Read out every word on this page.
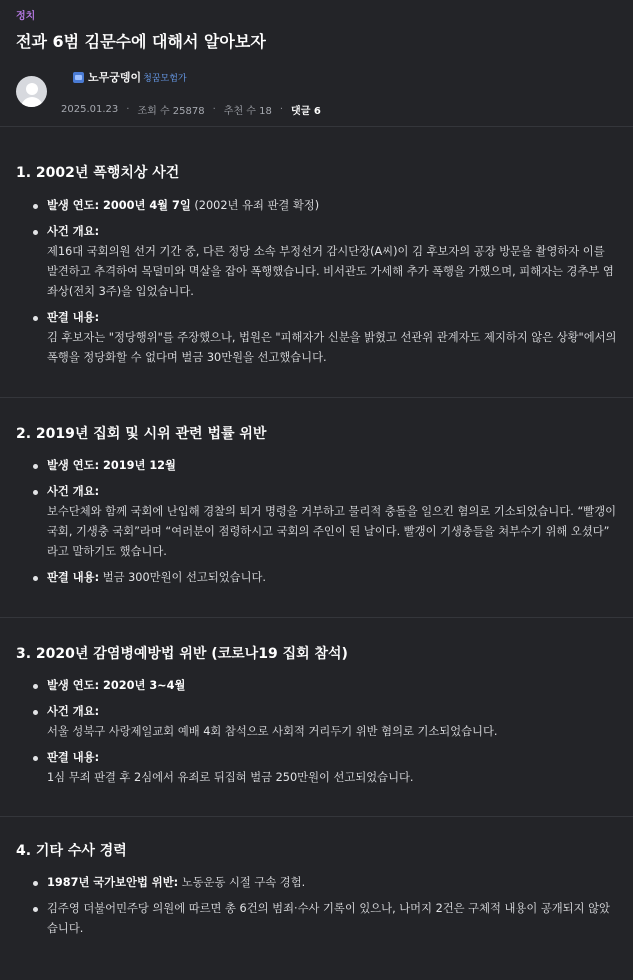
정치
전과 6범 김문수에 대해서 알아보자
노무궁뎅이 청꿈모험가
2025.01.23 · 조회 수 25878 · 추천 수 18 · 댓글 6
1. 2002년 폭행치상 사건
발생 연도: 2000년 4월 7일 (2002년 유죄 판결 확정)
사건 개요:
제16대 국회의원 선거 기간 중, 다른 정당 소속 부정선거 감시단장(A씨)이 김 후보자의 공장 방문을 촬영하자 이를 발견하고 추격하여 목덜미와 멱살을 잡아 폭행했습니다. 비서관도 가세해 추가 폭행을 가했으며, 피해자는 경추부 염좌상(전치 3주)을 입었습니다.
판결 내용:
김 후보자는 "정당행위"를 주장했으나, 법원은 "피해자가 신분을 밝혔고 선관위 관계자도 제지하지 않은 상황"에서의 폭행을 정당화할 수 없다며 벌금 30만원을 선고했습니다.
2. 2019년 집회 및 시위 관련 법률 위반
발생 연도: 2019년 12월
사건 개요:
보수단체와 함께 국회에 난입해 경찰의 퇴거 명령을 거부하고 물리적 충돌을 일으킨 혐의로 기소되었습니다. “빨갱이 국회, 기생충 국회”라며 “여러분이 점령하시고 국회의 주인이 된 날이다. 빨갱이 기생충들을 쳐부수기 위해 오셨다” 라고 말하기도 했습니다.
판결 내용: 벌금 300만원이 선고되었습니다.
3. 2020년 감염병예방법 위반 (코로나19 집회 참석)
발생 연도: 2020년 3~4월
사건 개요:
서울 성북구 사랑제일교회 예배 4회 참석으로 사회적 거리두기 위반 혐의로 기소되었습니다.
판결 내용:
1심 무죄 판결 후 2심에서 유죄로 뒤집혀 벌금 250만원이 선고되었습니다.
4. 기타 수사 경력
1987년 국가보안법 위반: 노동운동 시절 구속 경험.
김주영 더불어민주당 의원에 따르면 총 6건의 범죄·수사 기록이 있으나, 나머지 2건은 구체적 내용이 공개되지 않았습니다.
